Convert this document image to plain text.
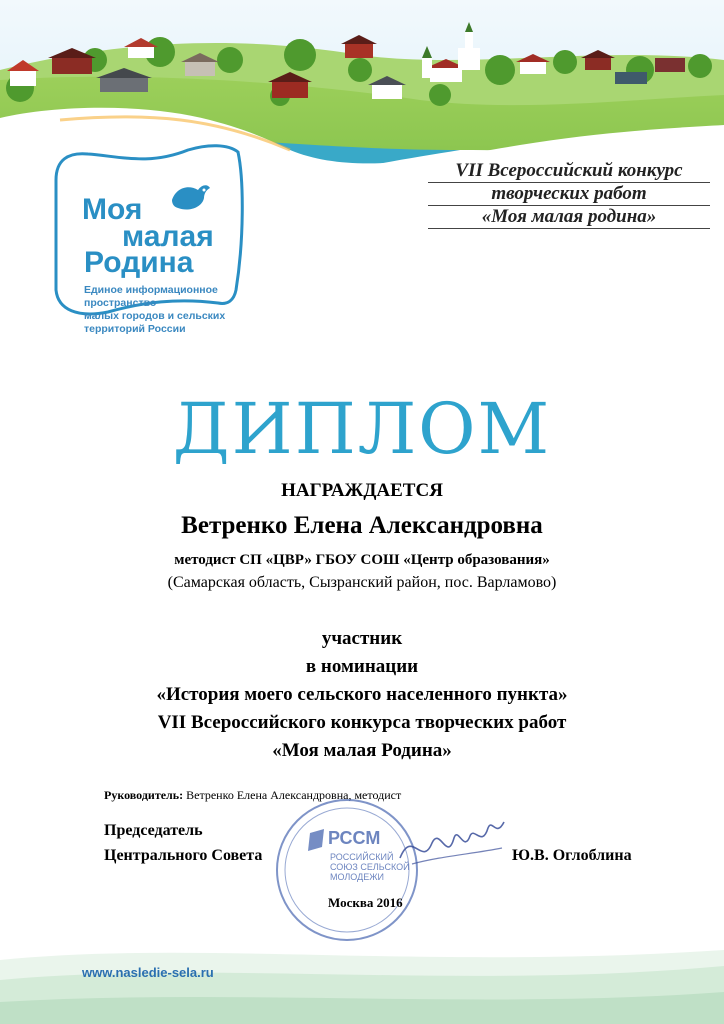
Моя
малая
Родина
Единое информационное
пространство
малых городов и сельских
территорий России
VII Всероссийский конкурс
творческих работ
«Моя малая родина»
ДИПЛОМ
НАГРАЖДАЕТСЯ
Ветренко Елена Александровна
методист СП «ЦВР» ГБОУ СОШ «Центр образования»
(Самарская область, Сызранский район, пос. Варламово)
участник
в номинации
«История моего сельского населенного пункта»
VII Всероссийского конкурса творческих работ
«Моя малая Родина»
Руководитель: Ветренко Елена Александровна, методист
РССМ
РОССИЙСКИЙ
СОЮЗ СЕЛЬСКОЙ
МОЛОДЕЖИ
Председатель
Центрального Совета	Ю.В. Оглоблина
Москва 2016
www.nasledie-sela.ru
